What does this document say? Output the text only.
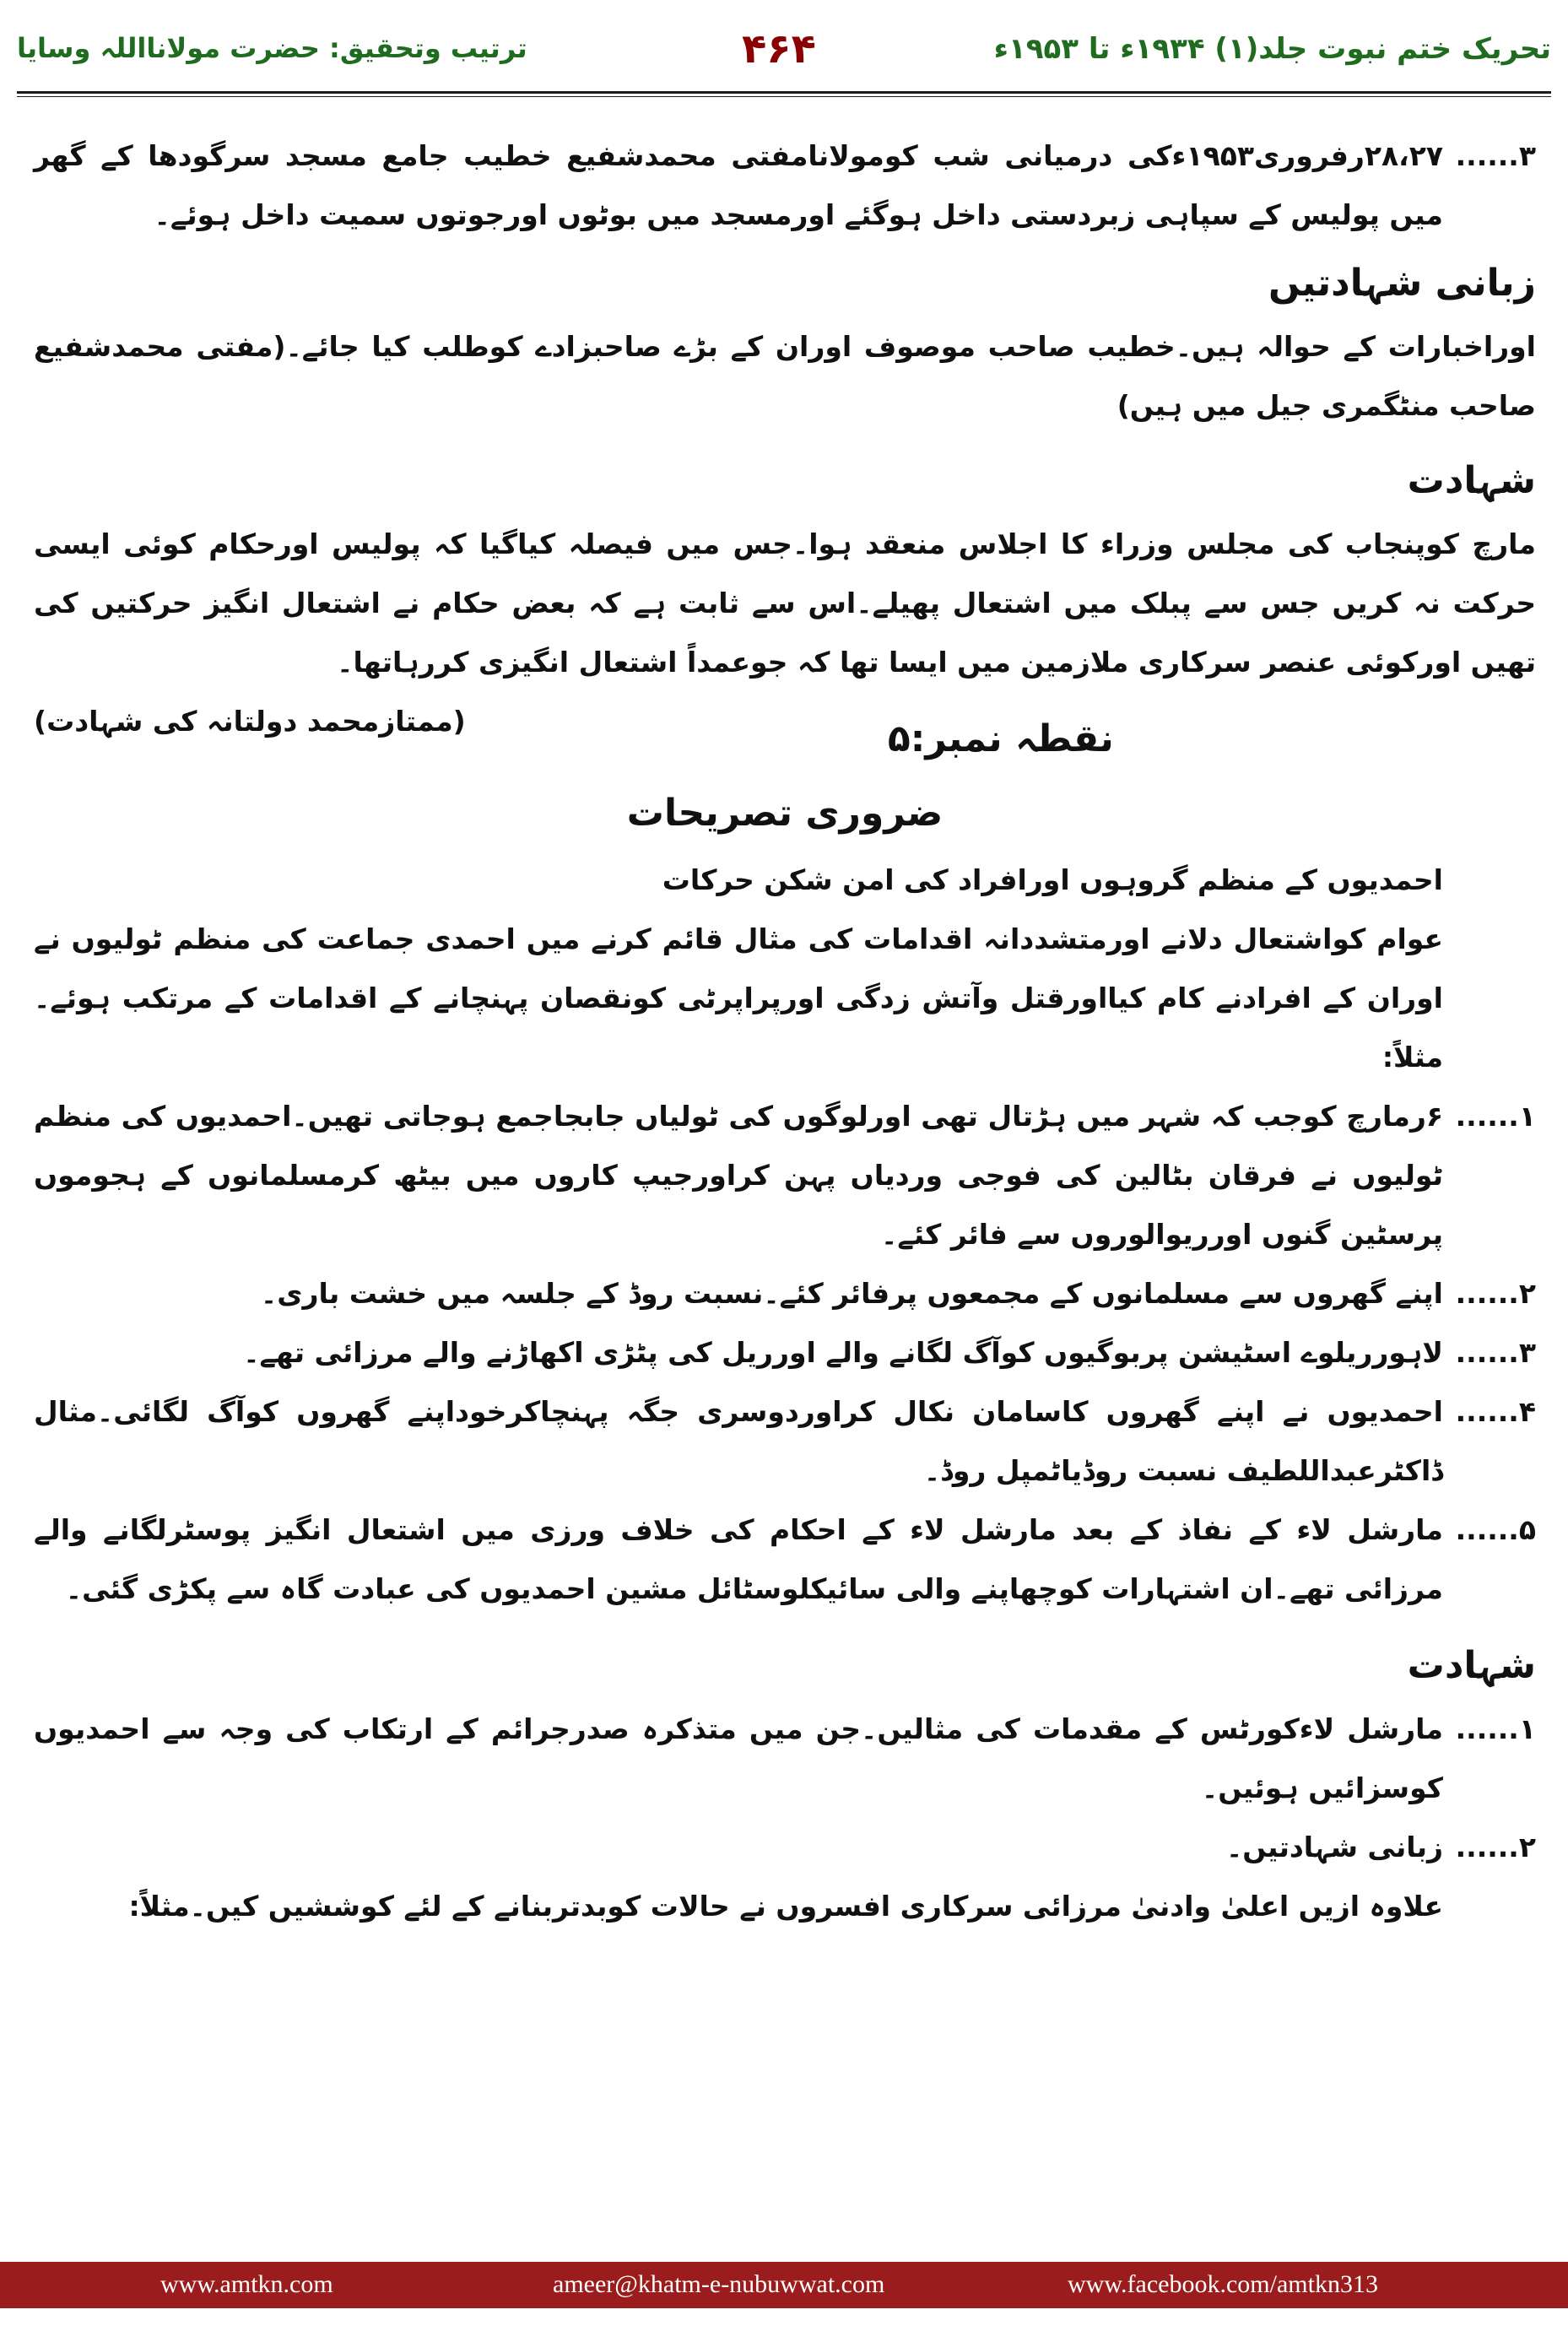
تحریک ختم نبوت جلد(۱) ۱۹۳۴ء تا ۱۹۵۳ء
۴۶۴
ترتیب وتحقیق: حضرت مولانااللہ وسایا
۳......
۲۸،۲۷رفروری۱۹۵۳ءکی درمیانی شب کومولانامفتی محمدشفیع خطیب جامع مسجد سرگودھا کے گھر میں پولیس کے سپاہی زبردستی داخل ہوگئے اورمسجد میں بوٹوں اورجوتوں سمیت داخل ہوئے۔
زبانی شہادتیں

اوراخبارات کے حوالہ ہیں۔خطیب صاحب موصوف اوران کے بڑے صاحبزادے کوطلب کیا جائے۔(مفتی محمدشفیع صاحب منٹگمری جیل میں ہیں)

شہادت

مارچ کوپنجاب کی مجلس وزراء کا اجلاس منعقد ہوا۔جس میں فیصلہ کیاگیا کہ پولیس اورحکام کوئی ایسی حرکت نہ کریں جس سے پبلک میں اشتعال پھیلے۔اس سے ثابت ہے کہ بعض حکام نے اشتعال انگیز حرکتیں کی تھیں اورکوئی عنصر سرکاری ملازمین میں ایسا تھا کہ جوعمداً اشتعال انگیزی کررہاتھا۔
(ممتازمحمد دولتانہ کی شہادت)	نقطہ نمبر:۵
ضروری تصریحات

احمدیوں کے منظم گروہوں اورافراد کی امن شکن حرکات

عوام کواشتعال دلانے اورمتشددانہ اقدامات کی مثال قائم کرنے میں احمدی جماعت کی منظم ٹولیوں نے اوران کے افرادنے کام کیااورقتل وآتش زدگی اورپراپرٹی کونقصان پہنچانے کے اقدامات کے مرتکب ہوئے۔مثلاً:

۱......
۶رمارچ کوجب کہ شہر میں ہڑتال تھی اورلوگوں کی ٹولیاں جابجاجمع ہوجاتی تھیں۔احمدیوں کی منظم ٹولیوں نے فرقان بٹالین کی فوجی وردیاں پہن کراورجیپ کاروں میں بیٹھ کرمسلمانوں کے ہجوموں پرسٹین گنوں اورریوالوروں سے فائر کئے۔
۲......
اپنے گھروں سے مسلمانوں کے مجمعوں پرفائر کئے۔نسبت روڈ کے جلسہ میں خشت باری۔
۳......
لاہورریلوے اسٹیشن پربوگیوں کوآگ لگانے والے اورریل کی پٹڑی اکھاڑنے والے مرزائی تھے۔
۴......
احمدیوں نے اپنے گھروں کاسامان نکال کراوردوسری جگہ پہنچاکرخوداپنے گھروں کوآگ لگائی۔مثال ڈاکٹرعبداللطیف نسبت روڈیاٹمپل روڈ۔
۵......
مارشل لاء کے نفاذ کے بعد مارشل لاء کے احکام کی خلاف ورزی میں اشتعال انگیز پوسٹرلگانے والے مرزائی تھے۔ان اشتہارات کوچھاپنے والی سائیکلوسٹائل مشین احمدیوں کی عبادت گاہ سے پکڑی گئی۔
شہادت
۱......
مارشل لاءکورٹس کے مقدمات کی مثالیں۔جن میں متذکرہ صدرجرائم کے ارتکاب کی وجہ سے احمدیوں کوسزائیں ہوئیں۔
۲......
زبانی شہادتیں۔

علاوہ ازیں اعلیٰ وادنیٰ مرزائی سرکاری افسروں نے حالات کوبدتربنانے کے لئے کوششیں کیں۔مثلاً:

www.amtkn.com	ameer@khatm-e-nubuwwat.com	www.facebook.com/amtkn313
